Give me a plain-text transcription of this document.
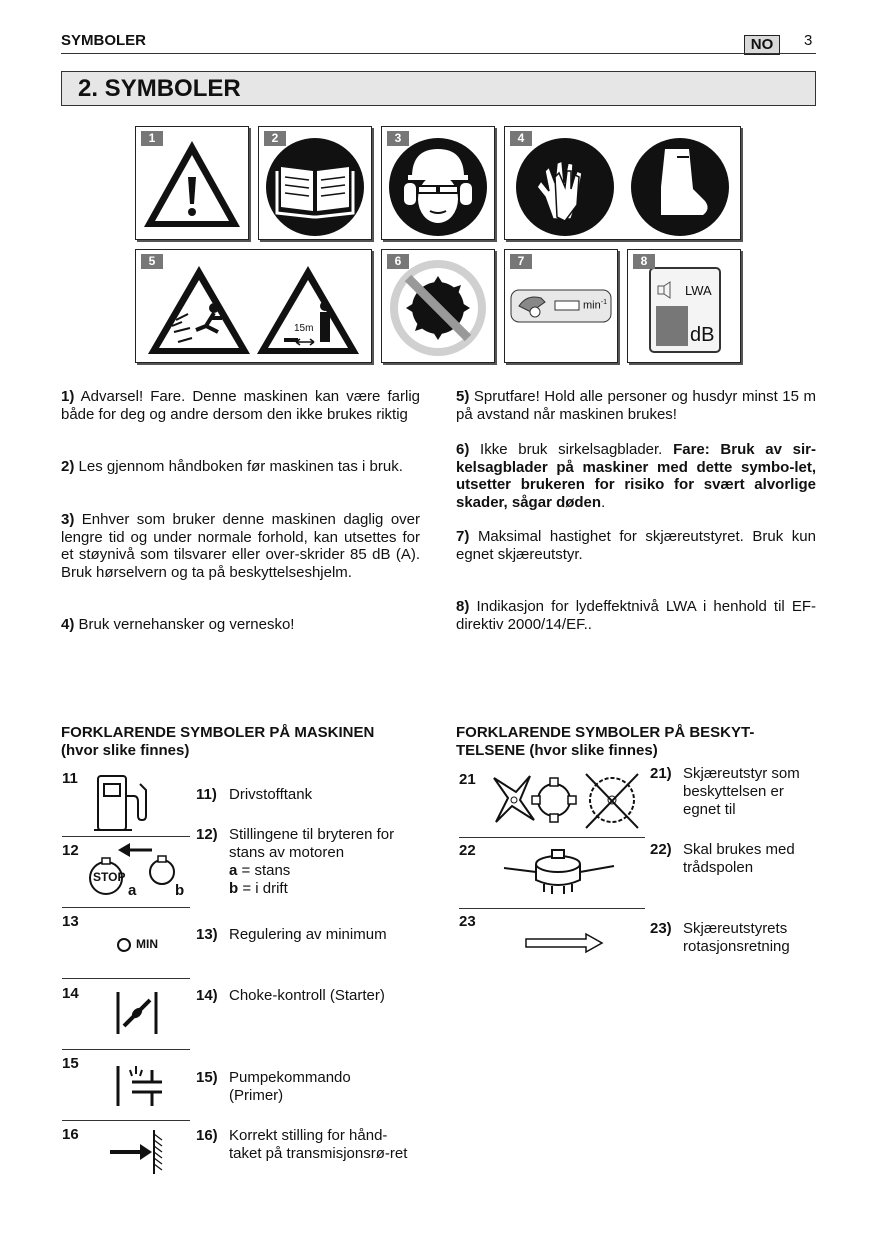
SYMBOLER	NO	3
2. SYMBOLER
1	2	3	4
5
15m
6	7
$\min^{-1}$
8
LWA
dB
1) Advarsel! Fare. Denne maskinen kan være farlig både for deg og andre dersom den ikke brukes riktig
2) Les gjennom håndboken før maskinen tas i bruk.
3) Enhver som bruker denne maskinen daglig over lengre tid og under normale forhold, kan utsettes for et støynivå som tilsvarer eller over-skrider 85 dB (A). Bruk hørselvern og ta på beskyttelseshjelm.
4) Bruk vernehansker og vernesko!
5) Sprutfare! Hold alle personer og husdyr minst 15 m på avstand når maskinen brukes!
6) Ikke bruk sirkelsagblader. Fare: Bruk av sir-kelsagblader på maskiner med dette symbo-let, utsetter brukeren for risiko for svært alvorlige skader, sågar døden.
7) Maksimal hastighet for skjæreutstyret. Bruk kun egnet skjæreutstyr.
8) Indikasjon for lydeffektnivå LWA i henhold til EF-direktiv 2000/14/EF..
FORKLARENDE SYMBOLER PÅ MASKINEN
(hvor slike finnes)
11
11) Drivstofftank
12
STOP
a	b
12) Stillingene til bryteren for stans av motoren
a = stans
b = i drift
13
MIN
13) Regulering av minimum
14	14) Choke-kontroll (Starter)
15
15) Pumpekommando (Primer)
16	16) Korrekt stilling for hånd-taket på transmisjonsrø-ret
FORKLARENDE SYMBOLER PÅ BESKYT-
TELSENE (hvor slike finnes)
21	21) Skjæreutstyr som beskyttelsen er egnet til
22	22) Skal brukes med trådspolen
23	23) Skjæreutstyrets rotasjonsretning
